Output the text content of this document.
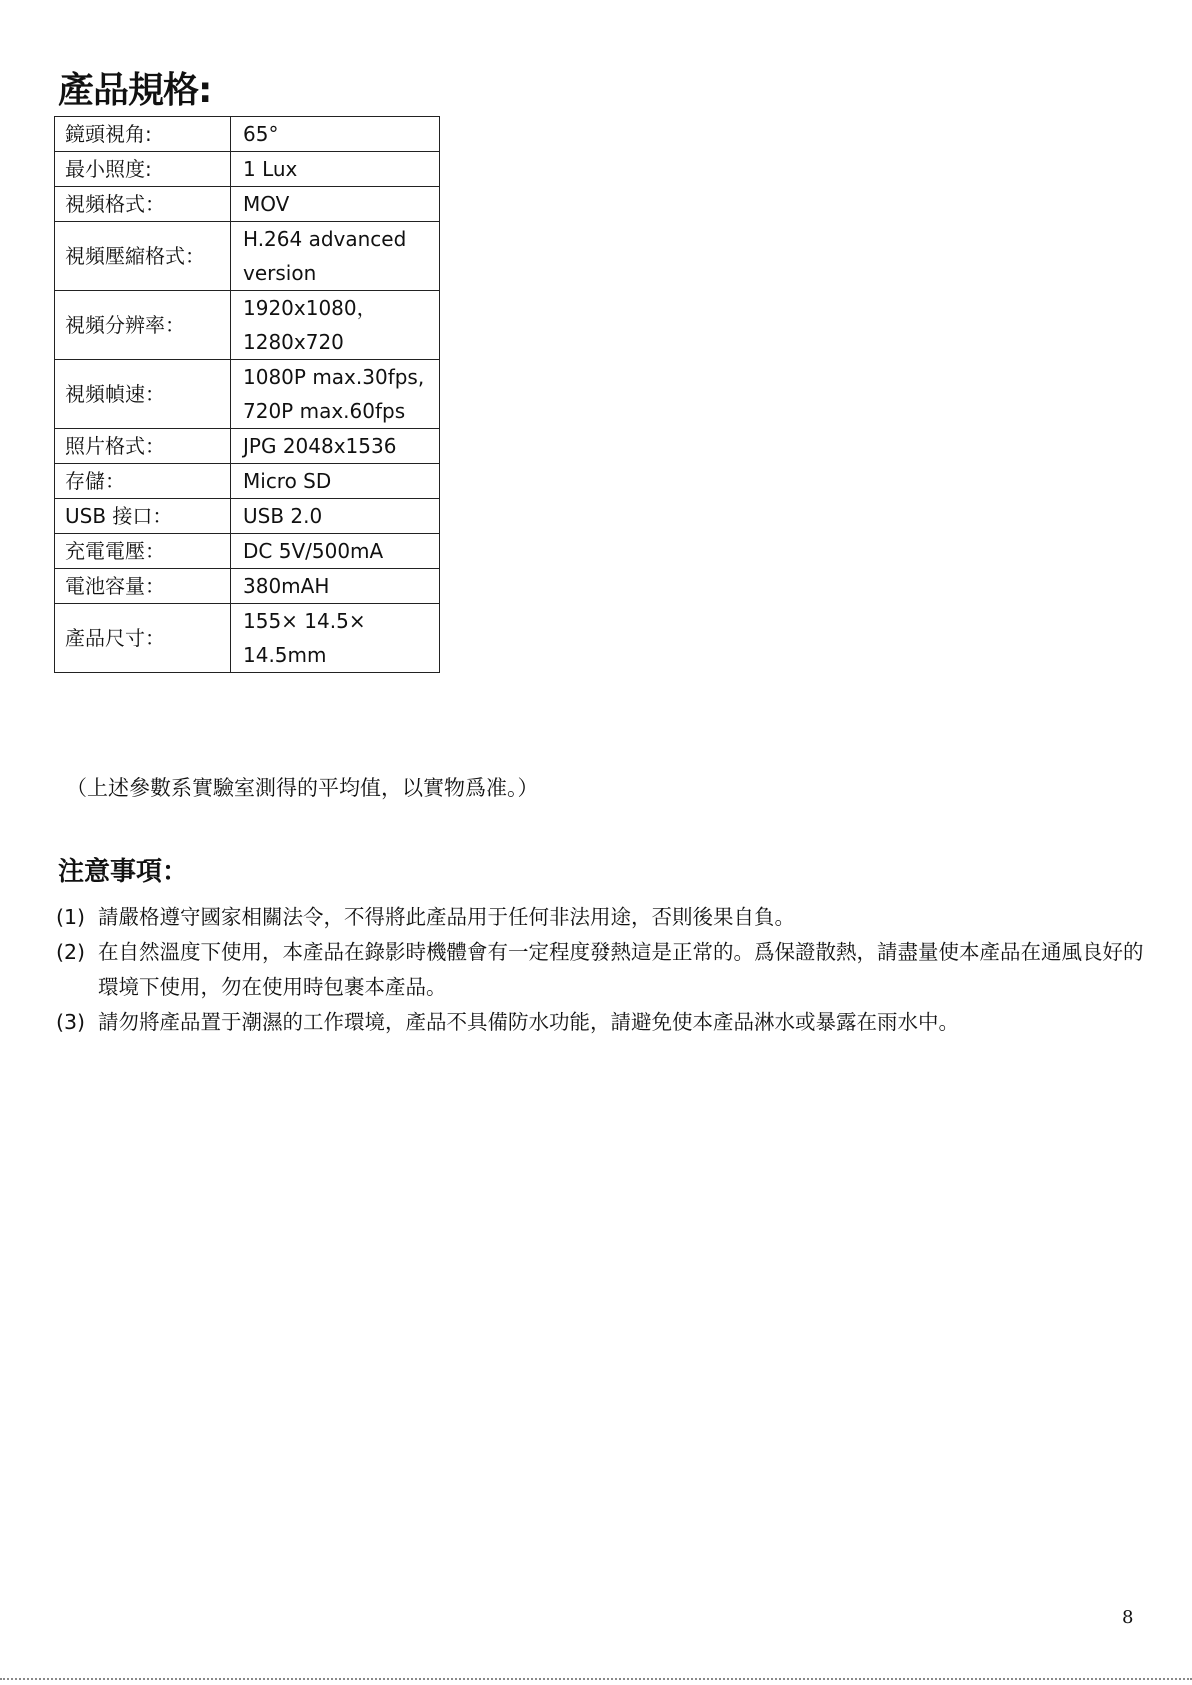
產品規格:
鏡頭視角:	65°
最小照度:	1 Lux
視頻格式：	MOV
視頻壓縮格式：	H.264 advanced version
視頻分辨率：	1920x1080，1280x720
視頻幀速：	1080P max.30fps, 720P max.60fps
照片格式：	JPG 2048x1536
存儲：	Micro SD
USB 接口：	USB 2.0
充電電壓：	DC 5V/500mA
電池容量：	380mAH
產品尺寸：	155× 14.5× 14.5mm

（上述參數系實驗室測得的平均值，以實物爲准。）

注意事項：
(1) 請嚴格遵守國家相關法令，不得將此產品用于任何非法用途，否則後果自負。
(2) 在自然溫度下使用，本產品在錄影時機體會有一定程度發熱這是正常的。爲保證散熱，請盡量使本產品在通風良好的環境下使用，勿在使用時包裹本產品。
(3) 請勿將產品置于潮濕的工作環境，產品不具備防水功能，請避免使本產品淋水或暴露在雨水中。
8
